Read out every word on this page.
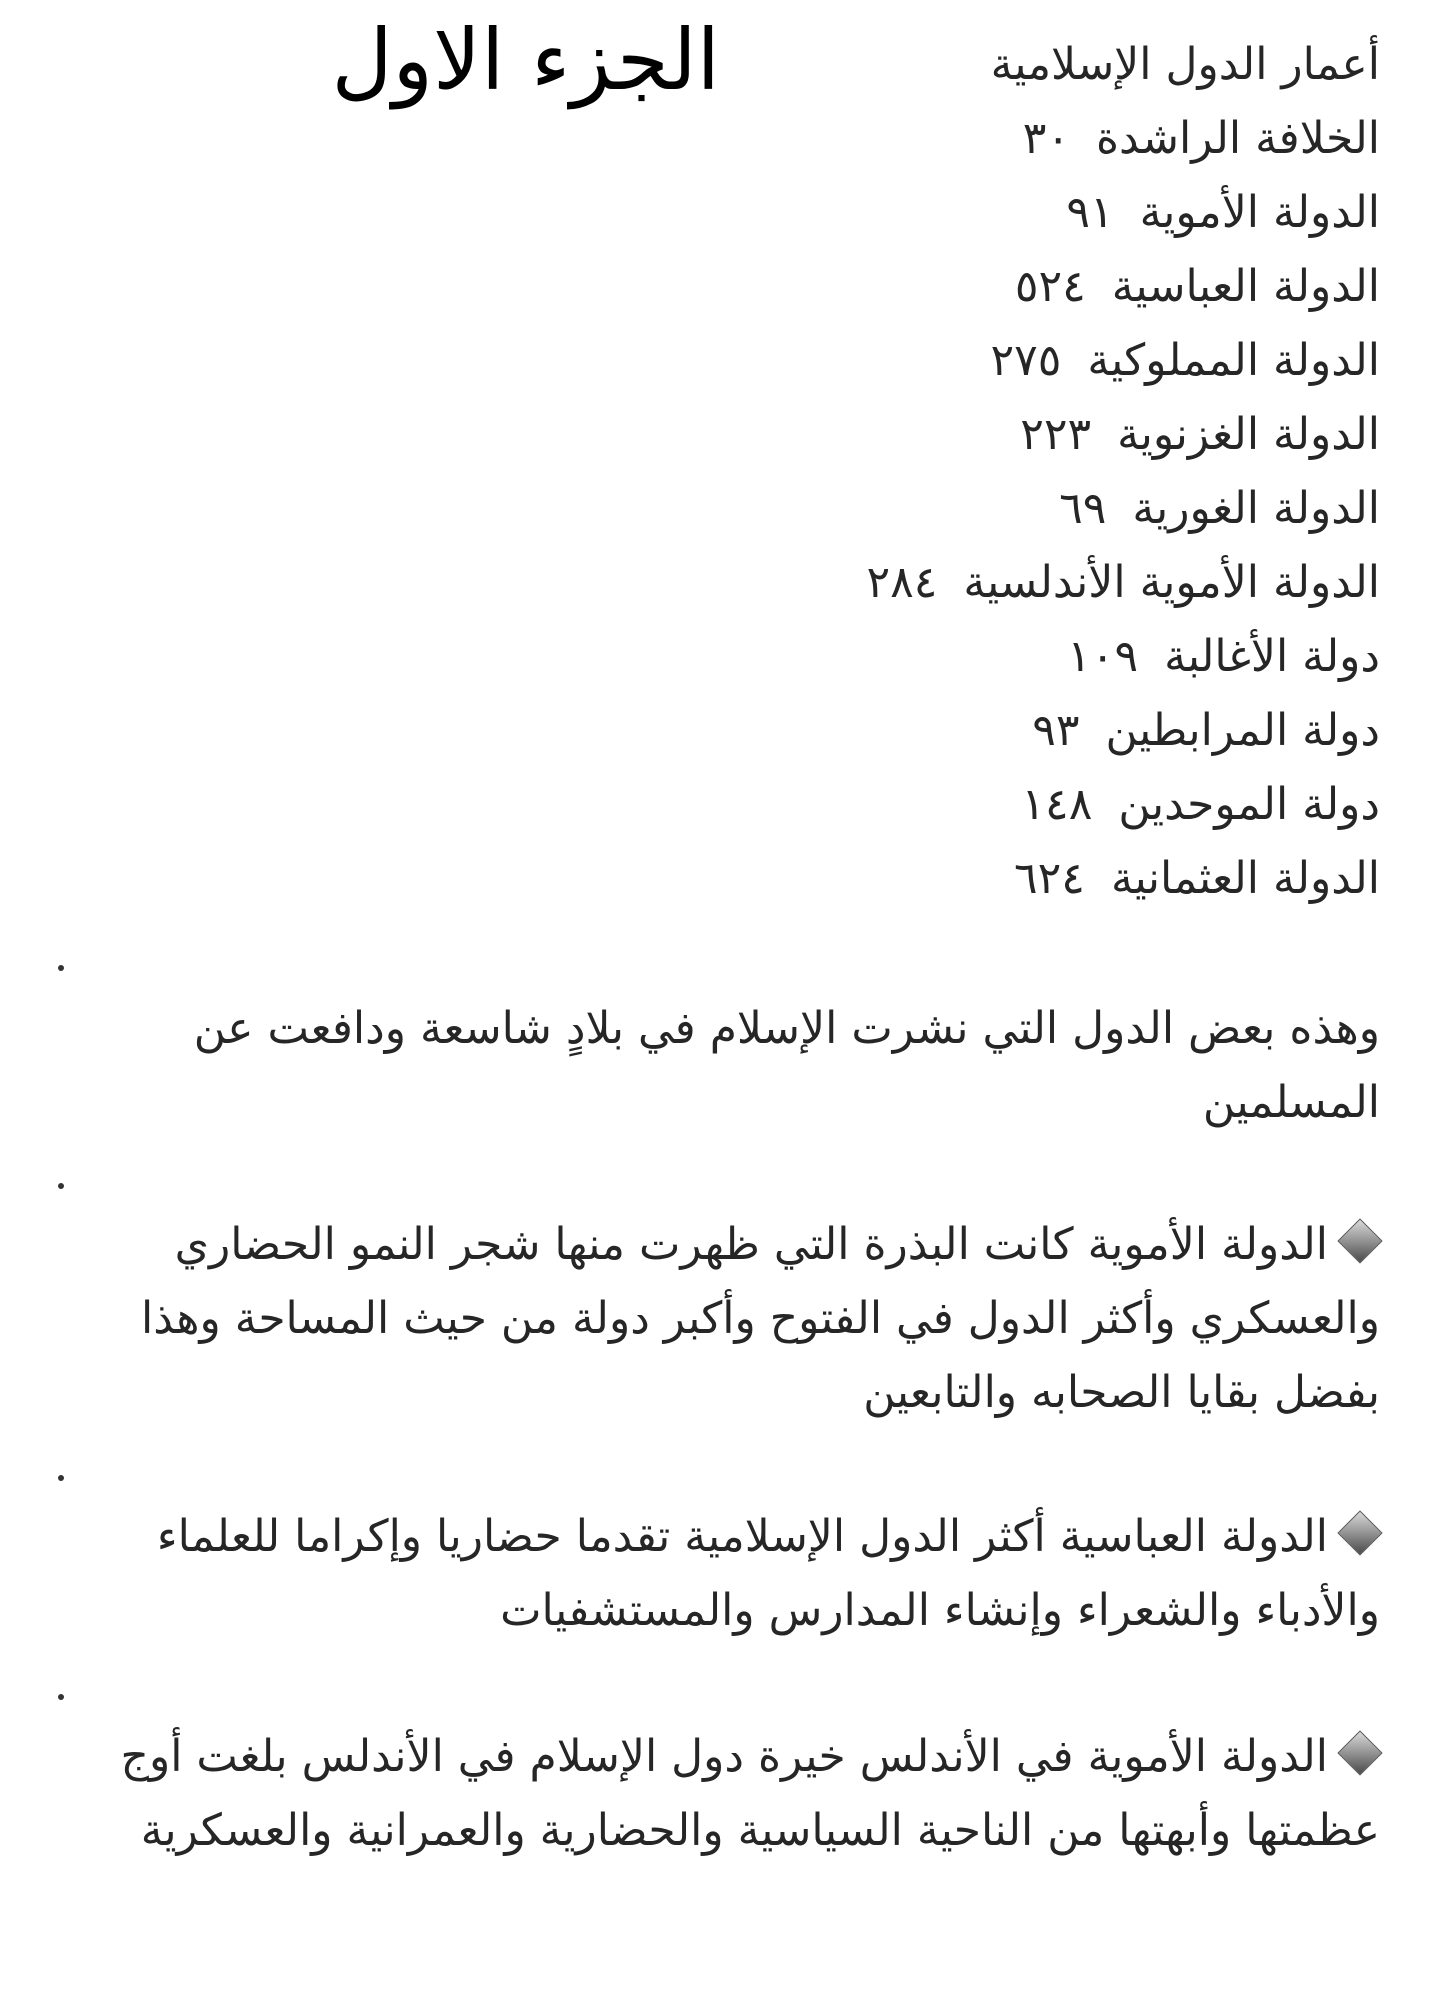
الجزء الاول	أعمار الدول الإسلامية
الخلافة الراشدة ٣٠
الدولة الأموية ٩١
الدولة العباسية ٥٢٤
الدولة المملوكية ٢٧٥
الدولة الغزنوية ٢٢٣
الدولة الغورية ٦٩
الدولة الأموية الأندلسية ٢٨٤
دولة الأغالبة ١٠٩
دولة المرابطين ٩٣
دولة الموحدين ١٤٨
الدولة العثمانية ٦٢٤
وهذه بعض الدول التي نشرت الإسلام في بلادٍ شاسعة ودافعت عن المسلمين
الدولة الأموية كانت البذرة التي ظهرت منها شجر النمو الحضاري والعسكري وأكثر الدول في الفتوح وأكبر دولة من حيث المساحة وهذا بفضل بقايا الصحابه والتابعين
الدولة العباسية أكثر الدول الإسلامية تقدما حضاريا وإكراما للعلماء والأدباء والشعراء وإنشاء المدارس والمستشفيات
الدولة الأموية في الأندلس خيرة دول الإسلام في الأندلس بلغت أوج عظمتها وأبهتها من الناحية السياسية والحضارية والعمرانية والعسكرية
